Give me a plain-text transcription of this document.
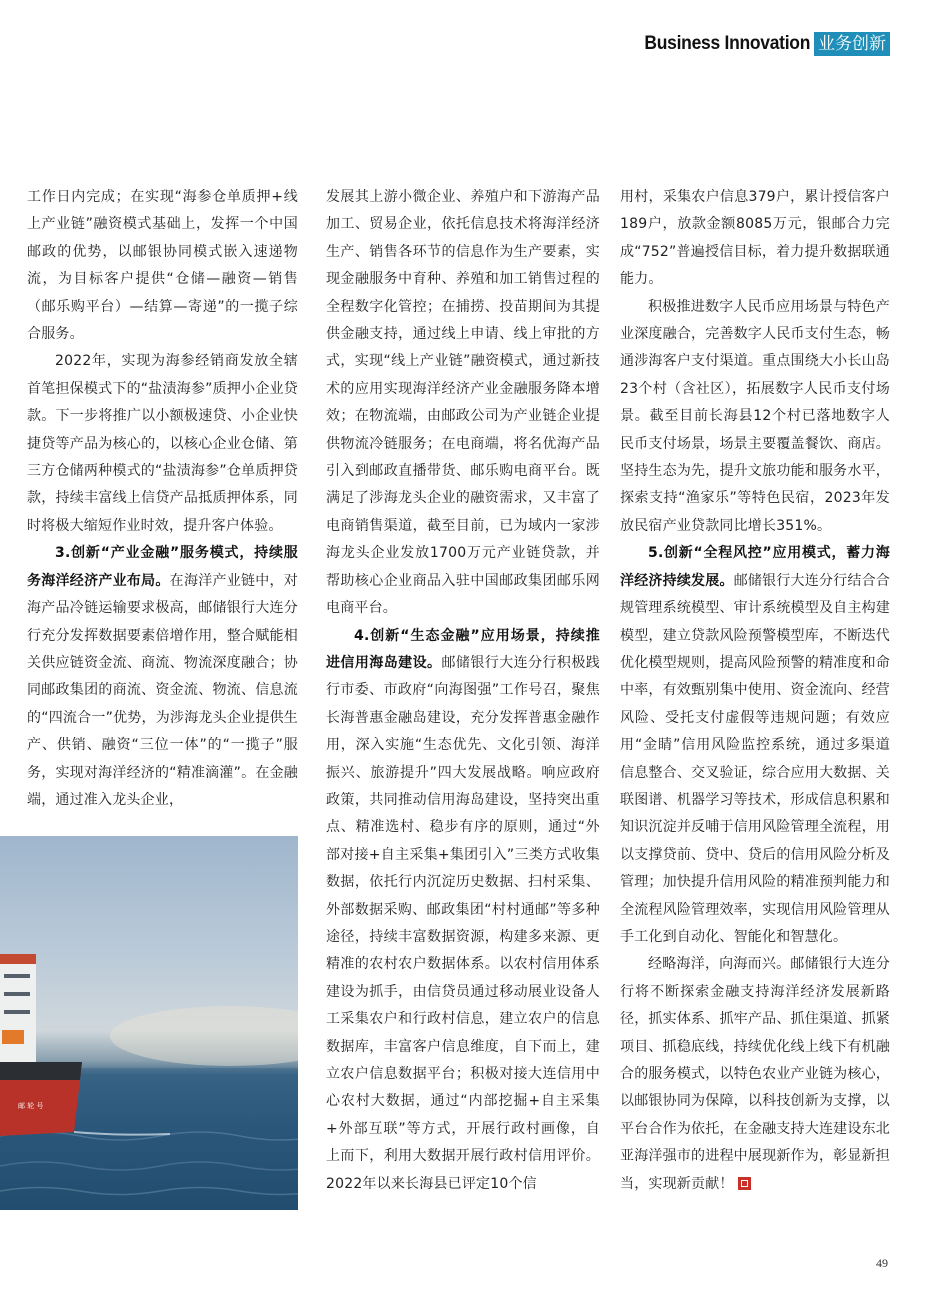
Business Innovation 业务创新

工作日内完成；在实现“海参仓单质押+线上产业链”融资模式基础上，发挥一个中国邮政的优势，以邮银协同模式嵌入速递物流，为目标客户提供“仓储—融资—销售（邮乐购平台）—结算—寄递”的一揽子综合服务。

2022年，实现为海参经销商发放全辖首笔担保模式下的“盐渍海参”质押小企业贷款。下一步将推广以小额极速贷、小企业快捷贷等产品为核心的，以核心企业仓储、第三方仓储两种模式的“盐渍海参”仓单质押贷款，持续丰富线上信贷产品抵质押体系，同时将极大缩短作业时效，提升客户体验。

3.创新“产业金融”服务模式，持续服务海洋经济产业布局。在海洋产业链中，对海产品冷链运输要求极高，邮储银行大连分行充分发挥数据要素倍增作用，整合赋能相关供应链资金流、商流、物流深度融合；协同邮政集团的商流、资金流、物流、信息流的“四流合一”优势，为涉海龙头企业提供生产、供销、融资“三位一体”的“一揽子”服务，实现对海洋经济的“精准滴灌”。在金融端，通过准入龙头企业，

邮 轮 号

发展其上游小微企业、养殖户和下游海产品加工、贸易企业，依托信息技术将海洋经济生产、销售各环节的信息作为生产要素，实现金融服务中育种、养殖和加工销售过程的全程数字化管控；在捕捞、投苗期间为其提供金融支持，通过线上申请、线上审批的方式，实现“线上产业链”融资模式，通过新技术的应用实现海洋经济产业金融服务降本增效；在物流端，由邮政公司为产业链企业提供物流冷链服务；在电商端，将名优海产品引入到邮政直播带货、邮乐购电商平台。既满足了涉海龙头企业的融资需求，又丰富了电商销售渠道，截至目前，已为域内一家涉海龙头企业发放1700万元产业链贷款，并帮助核心企业商品入驻中国邮政集团邮乐网电商平台。

4.创新“生态金融”应用场景，持续推进信用海岛建设。邮储银行大连分行积极践行市委、市政府“向海图强”工作号召，聚焦长海普惠金融岛建设，充分发挥普惠金融作用，深入实施“生态优先、文化引领、海洋振兴、旅游提升”四大发展战略。响应政府政策，共同推动信用海岛建设，坚持突出重点、精准选村、稳步有序的原则，通过“外部对接+自主采集+集团引入”三类方式收集数据，依托行内沉淀历史数据、扫村采集、外部数据采购、邮政集团“村村通邮”等多种途径，持续丰富数据资源，构建多来源、更精准的农村农户数据体系。以农村信用体系建设为抓手，由信贷员通过移动展业设备人工采集农户和行政村信息，建立农户的信息数据库，丰富客户信息维度，自下而上，建立农户信息数据平台；积极对接大连信用中心农村大数据，通过“内部挖掘+自主采集+外部互联”等方式，开展行政村画像，自上而下，利用大数据开展行政村信用评价。2022年以来长海县已评定10个信

用村，采集农户信息379户，累计授信客户189户，放款金额8085万元，银邮合力完成“752”普遍授信目标，着力提升数据联通能力。

积极推进数字人民币应用场景与特色产业深度融合，完善数字人民币支付生态，畅通涉海客户支付渠道。重点围绕大小长山岛23个村（含社区），拓展数字人民币支付场景。截至目前长海县12个村已落地数字人民币支付场景，场景主要覆盖餐饮、商店。坚持生态为先，提升文旅功能和服务水平，探索支持“渔家乐”等特色民宿，2023年发放民宿产业贷款同比增长351%。

5.创新“全程风控”应用模式，蓄力海洋经济持续发展。邮储银行大连分行结合合规管理系统模型、审计系统模型及自主构建模型，建立贷款风险预警模型库，不断迭代优化模型规则，提高风险预警的精准度和命中率，有效甄别集中使用、资金流向、经营风险、受托支付虚假等违规问题；有效应用“金睛”信用风险监控系统，通过多渠道信息整合、交叉验证，综合应用大数据、关联图谱、机器学习等技术，形成信息积累和知识沉淀并反哺于信用风险管理全流程，用以支撑贷前、贷中、贷后的信用风险分析及管理；加快提升信用风险的精准预判能力和全流程风险管理效率，实现信用风险管理从手工化到自动化、智能化和智慧化。

经略海洋，向海而兴。邮储银行大连分行将不断探索金融支持海洋经济发展新路径，抓实体系、抓牢产品、抓住渠道、抓紧项目、抓稳底线，持续优化线上线下有机融合的服务模式，以特色农业产业链为核心，以邮银协同为保障，以科技创新为支撑，以平台合作为依托，在金融支持大连建设东北亚海洋强市的进程中展现新作为，彰显新担当，实现新贡献！

49
